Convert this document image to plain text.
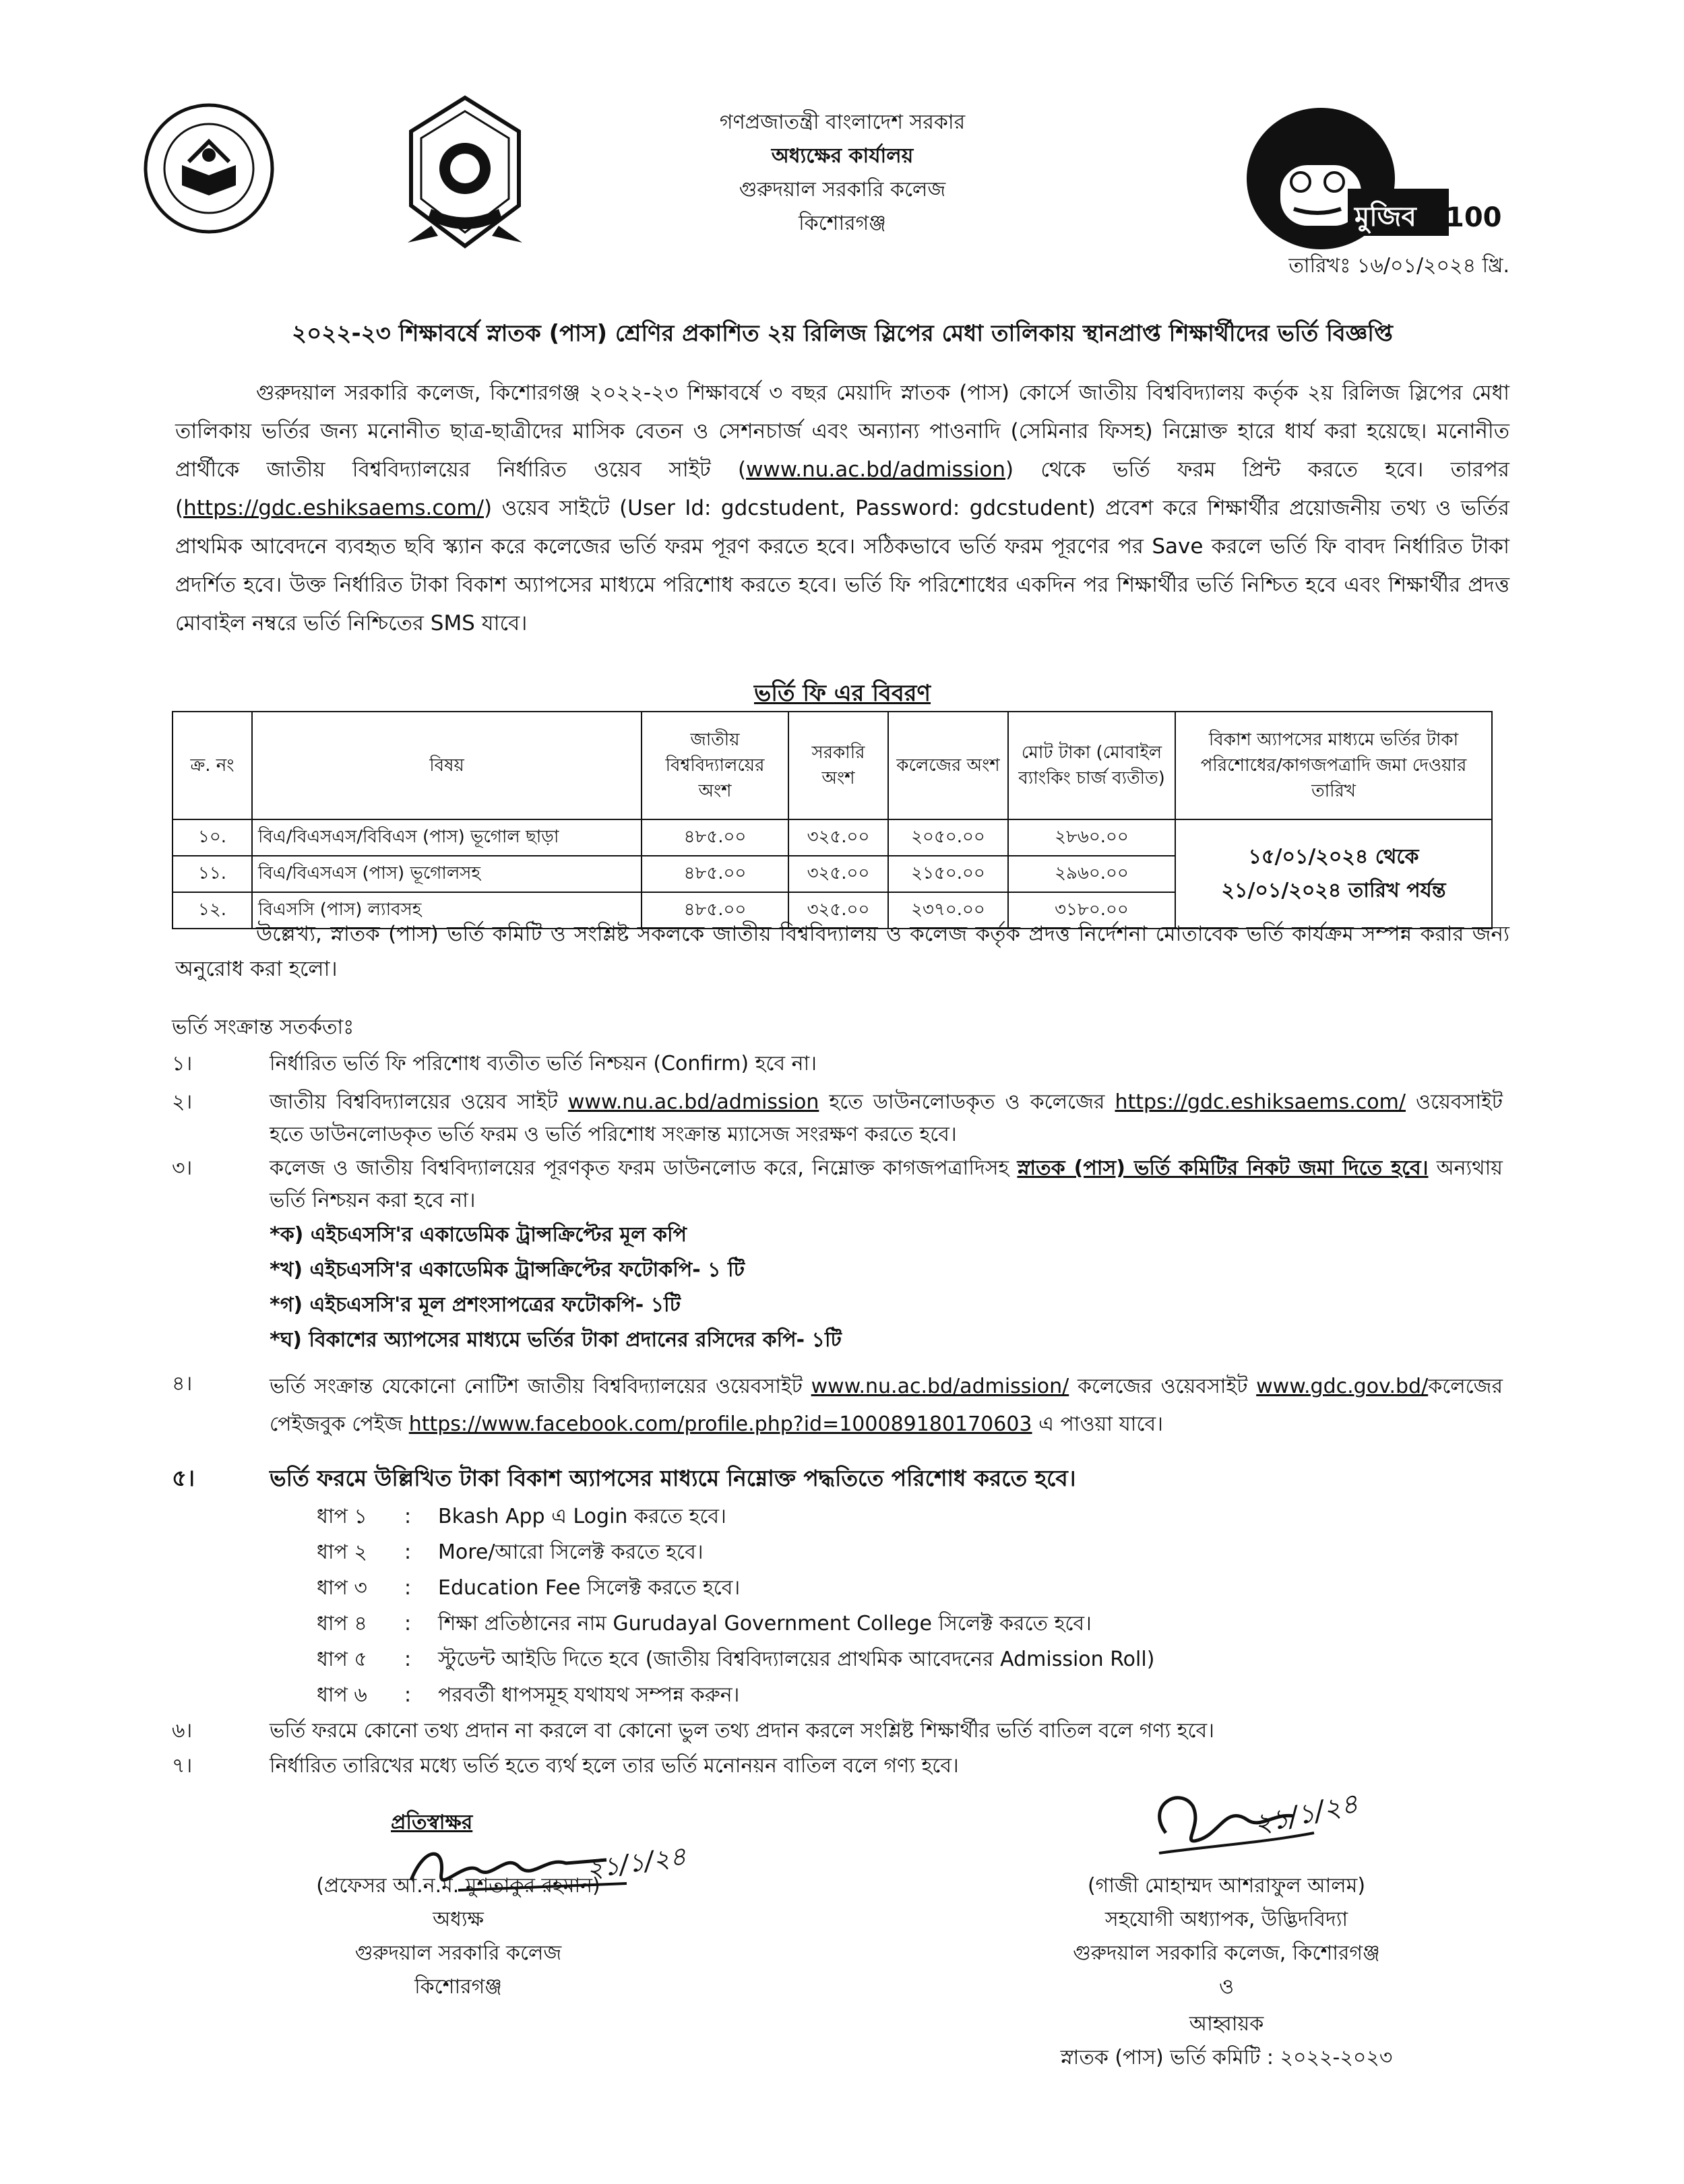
গণপ্রজাতন্ত্রী বাংলাদেশ সরকার
অধ্যক্ষের কার্যালয়
গুরুদয়াল সরকারি কলেজ
কিশোরগঞ্জ	মুজিব 100
তারিখঃ ১৬/০১/২০২৪ খ্রি.
২০২২-২৩ শিক্ষাবর্ষে স্নাতক (পাস) শ্রেণির প্রকাশিত ২য় রিলিজ স্লিপের মেধা তালিকায় স্থানপ্রাপ্ত শিক্ষার্থীদের ভর্তি বিজ্ঞপ্তি
গুরুদয়াল সরকারি কলেজ, কিশোরগঞ্জ ২০২২-২৩ শিক্ষাবর্ষে ৩ বছর মেয়াদি স্নাতক (পাস) কোর্সে জাতীয় বিশ্ববিদ্যালয় কর্তৃক ২য় রিলিজ স্লিপের মেধা তালিকায় ভর্তির জন্য মনোনীত ছাত্র-ছাত্রীদের মাসিক বেতন ও সেশনচার্জ এবং অন্যান্য পাওনাদি (সেমিনার ফিসহ) নিম্নোক্ত হারে ধার্য করা হয়েছে। মনোনীত প্রার্থীকে জাতীয় বিশ্ববিদ্যালয়ের নির্ধারিত ওয়েব সাইট (www.nu.ac.bd/admission) থেকে ভর্তি ফরম প্রিন্ট করতে হবে। তারপর (https://gdc.eshiksaems.com/) ওয়েব সাইটে (User Id: gdcstudent, Password: gdcstudent) প্রবেশ করে শিক্ষার্থীর প্রয়োজনীয় তথ্য ও ভর্তির প্রাথমিক আবেদনে ব্যবহৃত ছবি স্ক্যান করে কলেজের ভর্তি ফরম পূরণ করতে হবে। সঠিকভাবে ভর্তি ফরম পূরণের পর Save করলে ভর্তি ফি বাবদ নির্ধারিত টাকা প্রদর্শিত হবে। উক্ত নির্ধারিত টাকা বিকাশ অ্যাপসের মাধ্যমে পরিশোধ করতে হবে। ভর্তি ফি পরিশোধের একদিন পর শিক্ষার্থীর ভর্তি নিশ্চিত হবে এবং শিক্ষার্থীর প্রদত্ত মোবাইল নম্বরে ভর্তি নিশ্চিতের SMS যাবে।
ভর্তি ফি এর বিবরণ
ক্র. নং	বিষয়	জাতীয় বিশ্ববিদ্যালয়ের অংশ	সরকারি অংশ	কলেজের অংশ	মোট টাকা (মোবাইল ব্যাংকিং চার্জ ব্যতীত)	বিকাশ অ্যাপসের মাধ্যমে ভর্তির টাকা পরিশোধের/কাগজপত্রাদি জমা দেওয়ার তারিখ
১০.	বিএ/বিএসএস/বিবিএস (পাস) ভূগোল ছাড়া	৪৮৫.০০	৩২৫.০০	২০৫০.০০	২৮৬০.০০	১৫/০১/২০২৪ থেকে
২১/০১/২০২৪ তারিখ পর্যন্ত

১১.	বিএ/বিএসএস (পাস) ভূগোলসহ	৪৮৫.০০	৩২৫.০০	২১৫০.০০	২৯৬০.০০	
১২.	বিএসসি (পাস) ল্যাবসহ	৪৮৫.০০	৩২৫.০০	২৩৭০.০০	৩১৮০.০০	
উল্লেখ্য, স্নাতক (পাস) ভর্তি কমিটি ও সংশ্লিষ্ট সকলকে জাতীয় বিশ্ববিদ্যালয় ও কলেজ কর্তৃক প্রদত্ত নির্দেশনা মোতাবেক ভর্তি কার্যক্রম সম্পন্ন করার জন্য অনুরোধ করা হলো।
ভর্তি সংক্রান্ত সতর্কতাঃ
১।	নির্ধারিত ভর্তি ফি পরিশোধ ব্যতীত ভর্তি নিশ্চয়ন (Confirm) হবে না।
২।	জাতীয় বিশ্ববিদ্যালয়ের ওয়েব সাইট www.nu.ac.bd/admission হতে ডাউনলোডকৃত ও কলেজের https://gdc.eshiksaems.com/ ওয়েবসাইট হতে ডাউনলোডকৃত ভর্তি ফরম ও ভর্তি পরিশোধ সংক্রান্ত ম্যাসেজ সংরক্ষণ করতে হবে।
৩।	কলেজ ও জাতীয় বিশ্ববিদ্যালয়ের পূরণকৃত ফরম ডাউনলোড করে, নিম্নোক্ত কাগজপত্রাদিসহ স্নাতক (পাস) ভর্তি কমিটির নিকট জমা দিতে হবে। অন্যথায় ভর্তি নিশ্চয়ন করা হবে না।
*ক) এইচএসসি'র একাডেমিক ট্রান্সক্রিপ্টের মূল কপি
*খ) এইচএসসি'র একাডেমিক ট্রান্সক্রিপ্টের ফটোকপি- ১ টি
*গ) এইচএসসি'র মূল প্রশংসাপত্রের ফটোকপি- ১টি
*ঘ) বিকাশের অ্যাপসের মাধ্যমে ভর্তির টাকা প্রদানের রসিদের কপি- ১টি
৪।	ভর্তি সংক্রান্ত যেকোনো নোটিশ জাতীয় বিশ্ববিদ্যালয়ের ওয়েবসাইট www.nu.ac.bd/admission/ কলেজের ওয়েবসাইট www.gdc.gov.bd/কলেজের পেইজবুক পেইজ https://www.facebook.com/profile.php?id=100089180170603 এ পাওয়া যাবে।
৫।	ভর্তি ফরমে উল্লিখিত টাকা বিকাশ অ্যাপসের মাধ্যমে নিম্নোক্ত পদ্ধতিতে পরিশোধ করতে হবে।
ধাপ ১ : Bkash App এ Login করতে হবে।
ধাপ ২ : More/আরো সিলেক্ট করতে হবে।
ধাপ ৩ : Education Fee সিলেক্ট করতে হবে।
ধাপ ৪ : শিক্ষা প্রতিষ্ঠানের নাম Gurudayal Government College সিলেক্ট করতে হবে।
ধাপ ৫ : স্টুডেন্ট আইডি দিতে হবে (জাতীয় বিশ্ববিদ্যালয়ের প্রাথমিক আবেদনের Admission Roll)
ধাপ ৬ : পরবর্তী ধাপসমূহ যথাযথ সম্পন্ন করুন।
৬।	ভর্তি ফরমে কোনো তথ্য প্রদান না করলে বা কোনো ভুল তথ্য প্রদান করলে সংশ্লিষ্ট শিক্ষার্থীর ভর্তি বাতিল বলে গণ্য হবে।
৭।	নির্ধারিত তারিখের মধ্যে ভর্তি হতে ব্যর্থ হলে তার ভর্তি মনোনয়ন বাতিল বলে গণ্য হবে।
প্রতিস্বাক্ষর
২১/১/২৪
(প্রফেসর আ.ন.ম. মুশতাকুর রহমান)
অধ্যক্ষ
গুরুদয়াল সরকারি কলেজ
কিশোরগঞ্জ
২১/১/২৪
(গাজী মোহাম্মদ আশরাফুল আলম)
সহযোগী অধ্যাপক, উদ্ভিদবিদ্যা
গুরুদয়াল সরকারি কলেজ, কিশোরগঞ্জ
ও
আহ্বায়ক
স্নাতক (পাস) ভর্তি কমিটি : ২০২২-২০২৩
